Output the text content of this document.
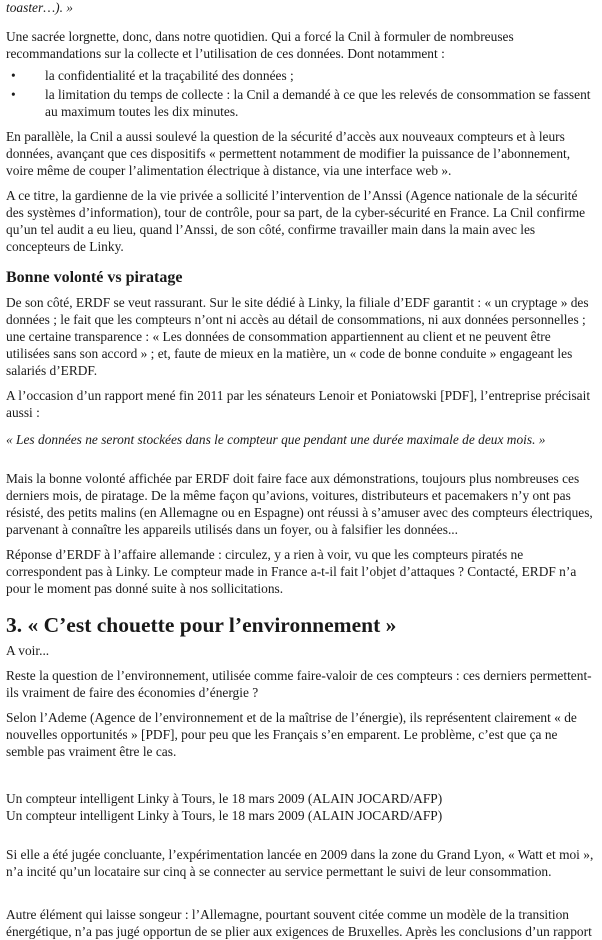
toaster…). »

Une sacrée lorgnette, donc, dans notre quotidien. Qui a forcé la Cnil à formuler de nombreuses recommandations sur la collecte et l’utilisation de ces données. Dont notamment :

• la confidentialité et la traçabilité des données ;
• la limitation du temps de collecte : la Cnil a demandé à ce que les relevés de consommation se fassent au maximum toutes les dix minutes.

En parallèle, la Cnil a aussi soulevé la question de la sécurité d’accès aux nouveaux compteurs et à leurs données, avançant que ces dispositifs « permettent notamment de modifier la puissance de l’abonnement, voire même de couper l’alimentation électrique à distance, via une interface web ».

A ce titre, la gardienne de la vie privée a sollicité l’intervention de l’Anssi (Agence nationale de la sécurité des systèmes d’information), tour de contrôle, pour sa part, de la cyber-sécurité en France. La Cnil confirme qu’un tel audit a eu lieu, quand l’Anssi, de son côté, confirme travailler main dans la main avec les concepteurs de Linky.

Bonne volonté vs piratage

De son côté, ERDF se veut rassurant. Sur le site dédié à Linky, la filiale d’EDF garantit : « un cryptage » des données ; le fait que les compteurs n’ont ni accès au détail de consommations, ni aux données personnelles ; une certaine transparence : « Les données de consommation appartiennent au client et ne peuvent être utilisées sans son accord » ; et, faute de mieux en la matière, un « code de bonne conduite » engageant les salariés d’ERDF.

A l’occasion d’un rapport mené fin 2011 par les sénateurs Lenoir et Poniatowski [PDF], l’entreprise précisait aussi :

« Les données ne seront stockées dans le compteur que pendant une durée maximale de deux mois. »

Mais la bonne volonté affichée par ERDF doit faire face aux démonstrations, toujours plus nombreuses ces derniers mois, de piratage. De la même façon qu’avions, voitures, distributeurs et pacemakers n’y ont pas résisté, des petits malins (en Allemagne ou en Espagne) ont réussi à s’amuser avec des compteurs électriques, parvenant à connaître les appareils utilisés dans un foyer, ou à falsifier les données...

Réponse d’ERDF à l’affaire allemande : circulez, y a rien à voir, vu que les compteurs piratés ne correspondent pas à Linky. Le compteur made in France a-t-il fait l’objet d’attaques ? Contacté, ERDF n’a pour le moment pas donné suite à nos sollicitations.

3. « C’est chouette pour l’environnement »

A voir...

Reste la question de l’environnement, utilisée comme faire-valoir de ces compteurs : ces derniers permettent-ils vraiment de faire des économies d’énergie ?

Selon l’Ademe (Agence de l’environnement et de la maîtrise de l’énergie), ils représentent clairement « de nouvelles opportunités » [PDF], pour peu que les Français s’en emparent. Le problème, c’est que ça ne semble pas vraiment être le cas.

Un compteur intelligent Linky à Tours, le 18 mars 2009 (ALAIN JOCARD/AFP)

Un compteur intelligent Linky à Tours, le 18 mars 2009 (ALAIN JOCARD/AFP)

Si elle a été jugée concluante, l’expérimentation lancée en 2009 dans la zone du Grand Lyon, « Watt et moi », n’a incité qu’un locataire sur cinq à se connecter au service permettant le suivi de leur consommation.

Autre élément qui laisse songeur : l’Allemagne, pourtant souvent citée comme un modèle de la transition énergétique, n’a pas jugé opportun de se plier aux exigences de Bruxelles. Après les conclusions d’un rapport
